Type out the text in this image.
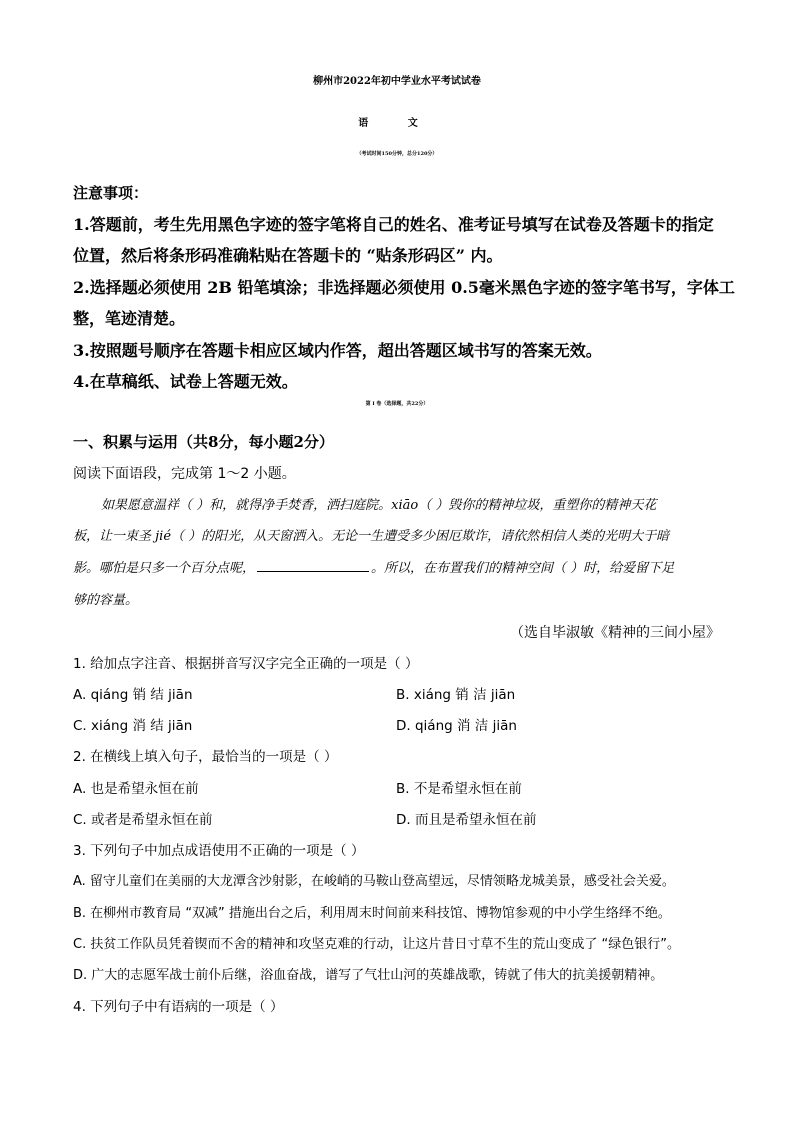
柳州市2022年初中学业水平考试试卷
语 文
（考试时间150分钟，总分120分）
注意事项：
1.答题前，考生先用黑色字迹的签字笔将自己的姓名、准考证号填写在试卷及答题卡的指定
位置，然后将条形码准确粘贴在答题卡的 “贴条形码区” 内。
2.选择题必须使用 2B 铅笔填涂；非选择题必须使用 0.5毫米黑色字迹的签字笔书写，字体工
整，笔迹清楚。
3.按照题号顺序在答题卡相应区域内作答，超出答题区域书写的答案无效。
4.在草稿纸、试卷上答题无效。
第 Ⅰ 卷（选择题，共22分）
一、积累与运用（共8分，每小题2分）
阅读下面语段，完成第 1～2 小题。
如果愿意温祥（ ）和，就得净手焚香，洒扫庭院。xiāo（ ）毁你的精神垃圾，重塑你的精神天花
板，让一束圣 jié（ ）的阳光，从天窗洒入。无论一生遭受多少困厄欺诈，请依然相信人类的光明大于暗
影。哪怕是只多一个百分点呢，	。所以，在布置我们的精神空间（ ）时，给爱留下足
够的容量。
（选自毕淑敏《精神的三间小屋》
1. 给加点字注音、根据拼音写汉字完全正确的一项是（ ）
A. qiáng 销 结 jiān	B. xiáng 销 洁 jiān
C. xiáng 消 结 jiān	D. qiáng 消 洁 jiān
2. 在横线上填入句子，最恰当的一项是（ ）
A. 也是希望永恒在前	B. 不是希望永恒在前
C. 或者是希望永恒在前	D. 而且是希望永恒在前
3. 下列句子中加点成语使用不正确的一项是（ ）
A. 留守儿童们在美丽的大龙潭含沙射影，在峻峭的马鞍山登高望远，尽情领略龙城美景，感受社会关爱。
B. 在柳州市教育局 “双减” 措施出台之后，利用周末时间前来科技馆、博物馆参观的中小学生络绎不绝。
C. 扶贫工作队员凭着锲而不舍的精神和攻坚克难的行动，让这片昔日寸草不生的荒山变成了 “绿色银行”。
D. 广大的志愿军战士前仆后继，浴血奋战，谱写了气壮山河的英雄战歌，铸就了伟大的抗美援朝精神。
4. 下列句子中有语病的一项是（ ）
